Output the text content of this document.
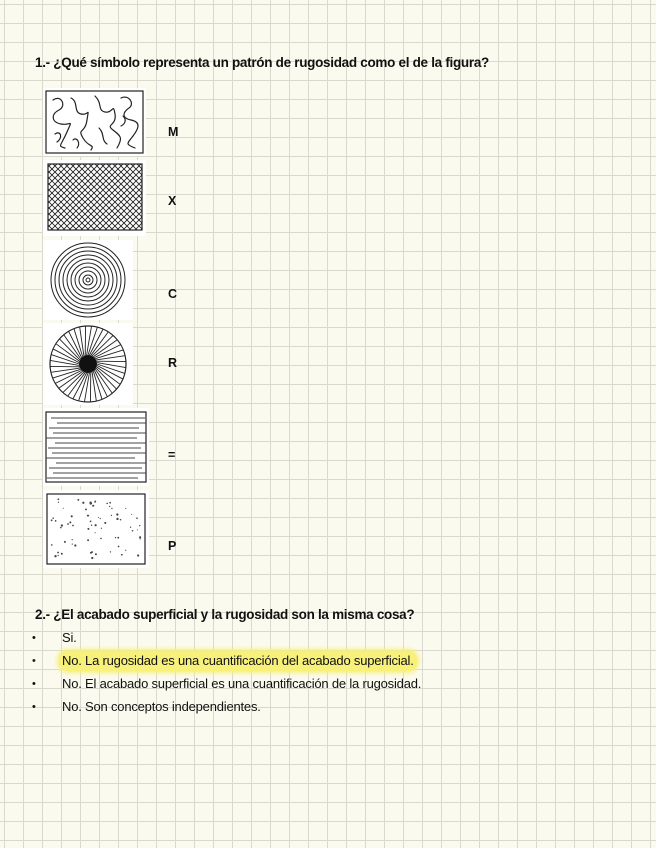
1.- ¿Qué símbolo representa un patrón de rugosidad como el de la figura?
M
X
C
R
=
P
2.- ¿El acabado superficial y la rugosidad son la misma cosa?
• Si.
• No. La rugosidad es una cuantificación del acabado superficial.
• No. El acabado superficial es una cuantificación de la rugosidad.
• No. Son conceptos independientes.
